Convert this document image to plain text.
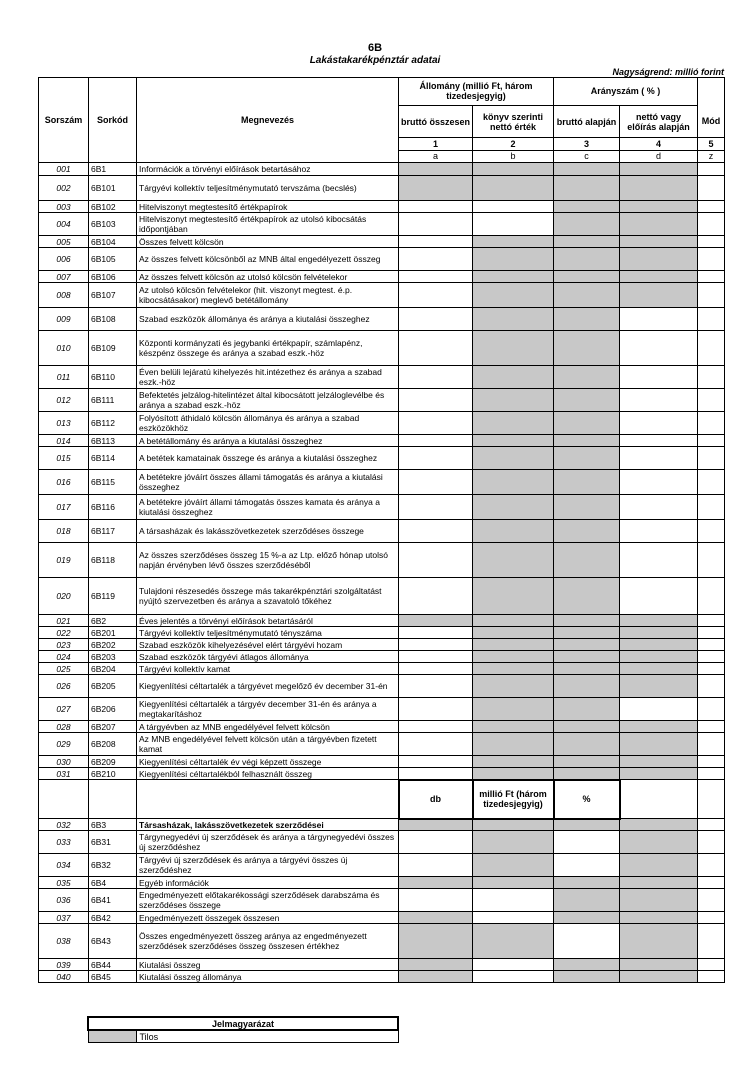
6B
Lakástakarékpénztár adatai
Nagyságrend: millió forint
Sorszám	Sorkód	Megnevezés	Állomány (millió Ft, három tizedesjegyig)		Arányszám ( % )		
			bruttó összesen	könyv szerinti nettó érték	bruttó alapján	nettó vagy előírás alapján	Mód
			1	2	3	4	5
			a	b	c	d	z
001	6B1	Információk a törvényi előírások betartásához					
002	6B101	Tárgyévi kollektív teljesítménymutató tervszáma (becslés)					
003	6B102	Hitelviszonyt megtestesítő értékpapírok					
004	6B103	Hitelviszonyt megtestesítő értékpapírok az utolsó kibocsátás időpontjában					
005	6B104	Összes felvett kölcsön					
006	6B105	Az összes felvett kölcsönből az MNB által engedélyezett összeg					
007	6B106	Az összes felvett kölcsön az utolsó kölcsön felvételekor					
008	6B107	Az utolsó kölcsön felvételekor (hit. viszonyt megtest. é.p. kibocsátásakor) meglevő betétállomány					
009	6B108	Szabad eszközök állománya és aránya a kiutalási összeghez					
010	6B109	Központi kormányzati és jegybanki értékpapír, számlapénz, készpénz összege és aránya a szabad eszk.-höz					
011	6B110	Éven belüli lejáratú kihelyezés hit.intézethez és aránya a szabad eszk.-höz					
012	6B111	Befektetés jelzálog-hitelintézet által kibocsátott jelzáloglevélbe és aránya a szabad eszk.-höz					
013	6B112	Folyósított áthidaló kölcsön állománya és aránya a szabad eszközökhöz					
014	6B113	A betétállomány és aránya a kiutalási összeghez					
015	6B114	A betétek kamatainak összege és aránya a kiutalási összeghez					
016	6B115	A betétekre jóváírt összes állami támogatás és aránya a kiutalási összeghez					
017	6B116	A betétekre jóváírt állami támogatás összes kamata és aránya a kiutalási összeghez					
018	6B117	A társasházak és lakásszövetkezetek szerződéses összege					
019	6B118	Az összes szerződéses összeg 15 %-a az Ltp. előző hónap utolsó napján érvényben lévő összes szerződéséből					
020	6B119	Tulajdoni részesedés összege más takarékpénztári szolgáltatást nyújtó szervezetben és aránya a szavatoló tőkéhez					
021	6B2	Éves jelentés a törvényi előírások betartásáról					
022	6B201	Tárgyévi kollektív teljesítménymutató tényszáma					
023	6B202	Szabad eszközök kihelyezésével elért tárgyévi hozam					
024	6B203	Szabad eszközök tárgyévi átlagos állománya					
025	6B204	Tárgyévi kollektív kamat					
026	6B205	Kiegyenlítési céltartalék a tárgyévet megelőző év december 31-én					
027	6B206	Kiegyenlítési céltartalék a tárgyév december 31-én és aránya a megtakarításhoz					
028	6B207	A tárgyévben az MNB engedélyével felvett kölcsön					
029	6B208	Az MNB engedélyével felvett kölcsön után a tárgyévben fizetett kamat					
030	6B209	Kiegyenlítési céltartalék év végi képzett összege					
031	6B210	Kiegyenlítési céltartalékból felhasznált összeg					
			db	millió Ft (három tizedesjegyig)	%		
032	6B3	Társasházak, lakásszövetkezetek szerződései					
033	6B31	Tárgynegyedévi új szerződések és aránya a tárgynegyedévi összes új szerződéshez					
034	6B32	Tárgyévi új szerződések és aránya a tárgyévi összes új szerződéshez					
035	6B4	Egyéb információk					
036	6B41	Engedményezett előtakarékossági szerződések darabszáma és szerződéses összege					
037	6B42	Engedményezett összegek összesen					
038	6B43	Összes engedményezett összeg aránya az engedményezett szerződések szerződéses összeg összesen értékhez					
039	6B44	Kiutalási összeg					
040	6B45	Kiutalási összeg állománya					
Jelmagyarázat
	Tilos
